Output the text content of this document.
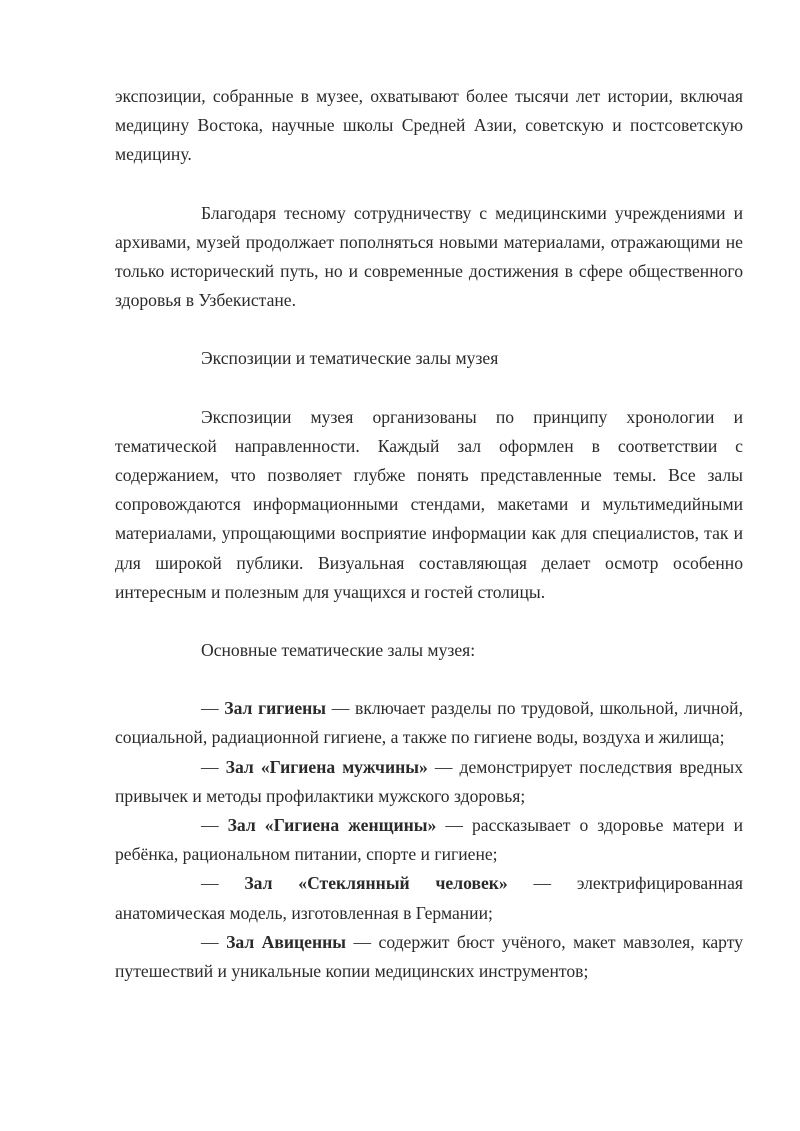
экспозиции, собранные в музее, охватывают более тысячи лет истории, включая медицину Востока, научные школы Средней Азии, советскую и постсоветскую медицину.

Благодаря тесному сотрудничеству с медицинскими учреждениями и архивами, музей продолжает пополняться новыми материалами, отражающими не только исторический путь, но и современные достижения в сфере общественного здоровья в Узбекистане.

Экспозиции и тематические залы музея

Экспозиции музея организованы по принципу хронологии и тематической направленности. Каждый зал оформлен в соответствии с содержанием, что позволяет глубже понять представленные темы. Все залы сопровождаются информационными стендами, макетами и мультимедийными материалами, упрощающими восприятие информации как для специалистов, так и для широкой публики. Визуальная составляющая делает осмотр особенно интересным и полезным для учащихся и гостей столицы.

Основные тематические залы музея:

— Зал гигиены — включает разделы по трудовой, школьной, личной, социальной, радиационной гигиене, а также по гигиене воды, воздуха и жилища;

— Зал «Гигиена мужчины» — демонстрирует последствия вредных привычек и методы профилактики мужского здоровья;

— Зал «Гигиена женщины» — рассказывает о здоровье матери и ребёнка, рациональном питании, спорте и гигиене;

— Зал «Стеклянный человек» — электрифицированная анатомическая модель, изготовленная в Германии;

— Зал Авиценны — содержит бюст учёного, макет мавзолея, карту путешествий и уникальные копии медицинских инструментов;
